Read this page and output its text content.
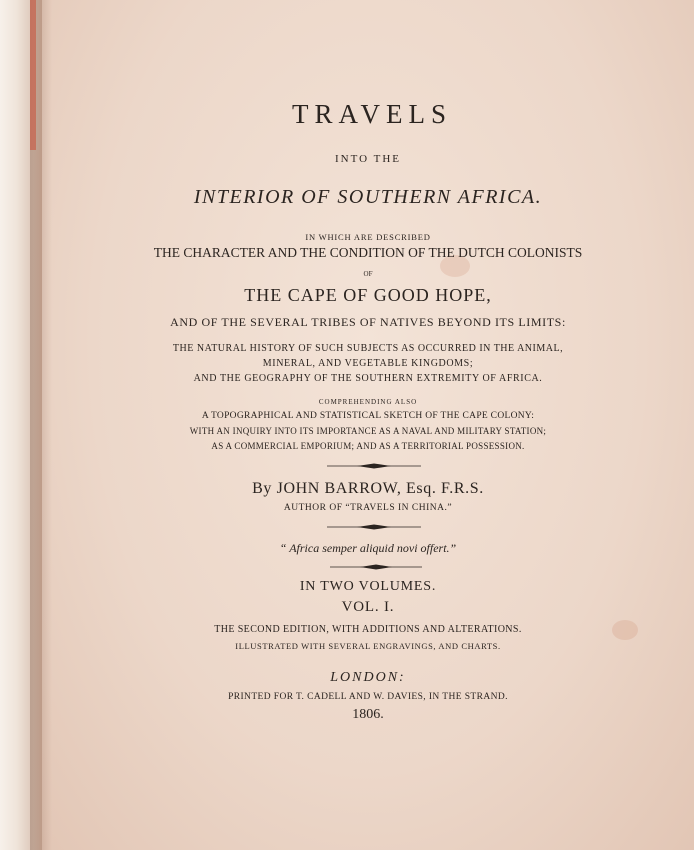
TRAVELS
INTO THE
INTERIOR OF SOUTHERN AFRICA.
IN WHICH ARE DESCRIBED
THE CHARACTER AND THE CONDITION OF THE DUTCH COLONISTS
OF
THE CAPE OF GOOD HOPE,
AND OF THE SEVERAL TRIBES OF NATIVES BEYOND ITS LIMITS:
THE NATURAL HISTORY OF SUCH SUBJECTS AS OCCURRED IN THE ANIMAL,
MINERAL, AND VEGETABLE KINGDOMS;
AND THE GEOGRAPHY OF THE SOUTHERN EXTREMITY OF AFRICA.
COMPREHENDING ALSO
A TOPOGRAPHICAL AND STATISTICAL SKETCH OF THE CAPE COLONY:
WITH AN INQUIRY INTO ITS IMPORTANCE AS A NAVAL AND MILITARY STATION;
AS A COMMERCIAL EMPORIUM; AND AS A TERRITORIAL POSSESSION.
By JOHN BARROW, Esq. F.R.S.
AUTHOR OF “TRAVELS IN CHINA.”
“ Africa semper aliquid novi offert.”
IN TWO VOLUMES.
VOL. I.
THE SECOND EDITION, WITH ADDITIONS AND ALTERATIONS.
ILLUSTRATED WITH SEVERAL ENGRAVINGS, AND CHARTS.
LONDON:
PRINTED FOR T. CADELL AND W. DAVIES, IN THE STRAND.
1806.
